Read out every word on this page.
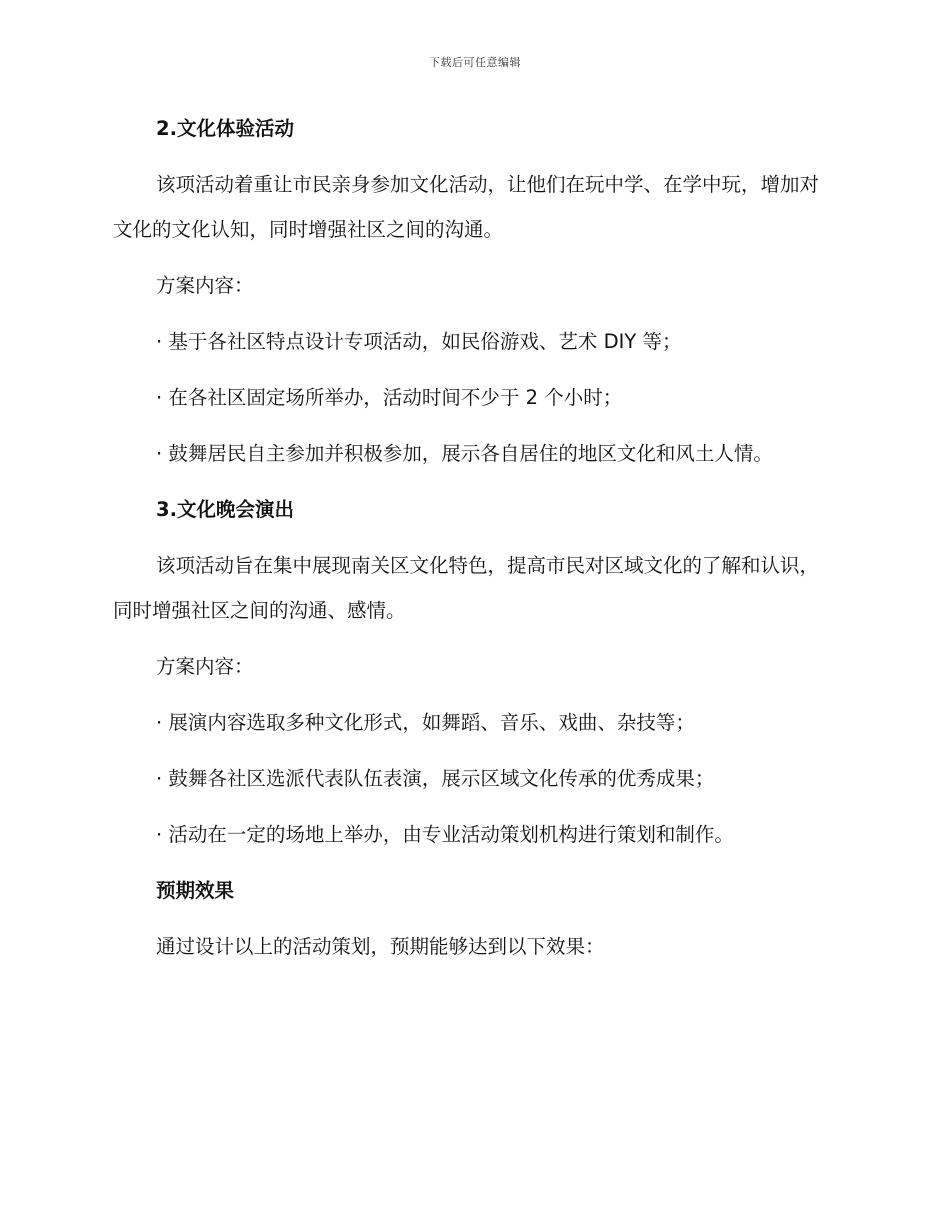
下载后可任意编辑
2.文化体验活动
该项活动着重让市民亲身参加文化活动，让他们在玩中学、在学中玩，增加对文化的文化认知，同时增强社区之间的沟通。
方案内容：
· 基于各社区特点设计专项活动，如民俗游戏、艺术 DIY 等；
· 在各社区固定场所举办，活动时间不少于 2 个小时；
· 鼓舞居民自主参加并积极参加，展示各自居住的地区文化和风土人情。
3.文化晚会演出
该项活动旨在集中展现南关区文化特色，提高市民对区域文化的了解和认识，同时增强社区之间的沟通、感情。
方案内容：
· 展演内容选取多种文化形式，如舞蹈、音乐、戏曲、杂技等；
· 鼓舞各社区选派代表队伍表演，展示区域文化传承的优秀成果；
· 活动在一定的场地上举办，由专业活动策划机构进行策划和制作。
预期效果
通过设计以上的活动策划，预期能够达到以下效果：
